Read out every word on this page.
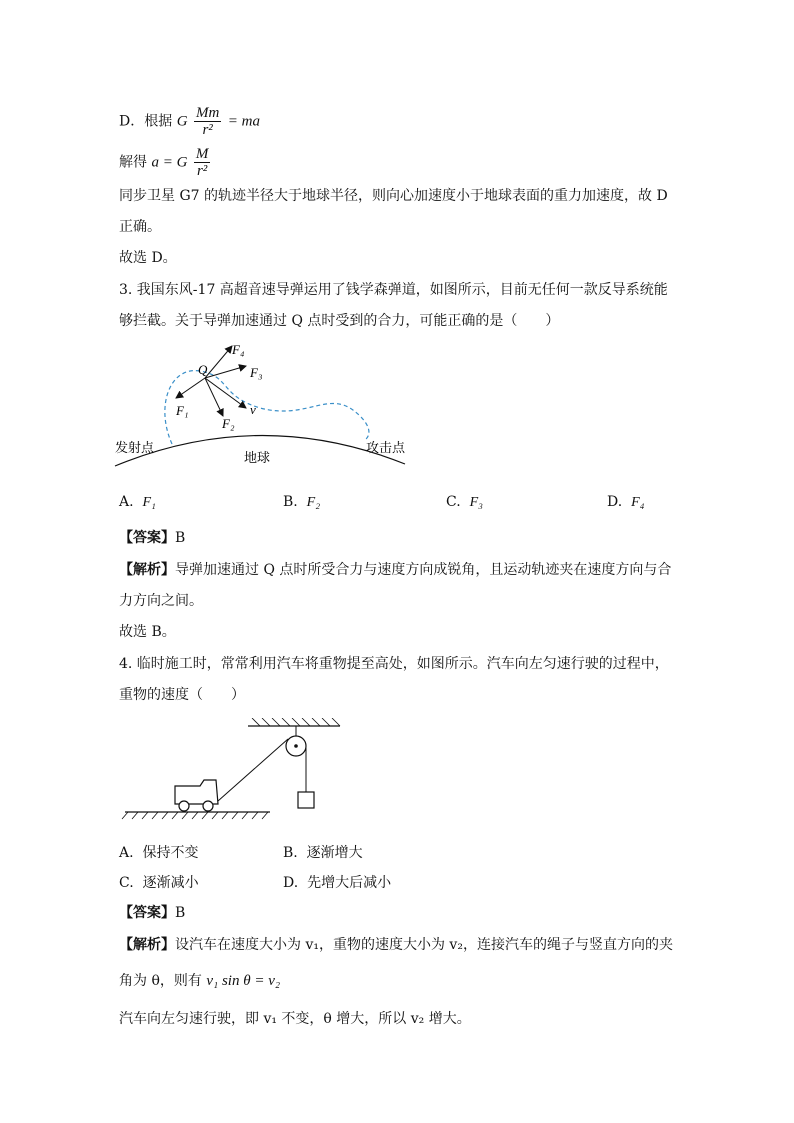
D．根据 G $\frac{Mm}{\text{r²}}$ = ma
解得 a = G $\frac{M}{\text{r²}}$
同步卫星 G7 的轨迹半径大于地球半径，则向心加速度小于地球表面的重力加速度，故 D
正确。
故选 D。
3. 我国东风-17 高超音速导弹运用了钱学森弹道，如图所示，目前无任何一款反导系统能
够拦截。关于导弹加速通过 Q 点时受到的合力，可能正确的是（　　）
F₄
Q	F₃
F₁	v
F₂
发射点	攻击点
地球
A. F₁	B. F₂	C. F₃	D. F₄
【答案】B
【解析】导弹加速通过 Q 点时所受合力与速度方向成锐角，且运动轨迹夹在速度方向与合
力方向之间。
故选 B。
4. 临时施工时，常常利用汽车将重物提至高处，如图所示。汽车向左匀速行驶的过程中，
重物的速度（　　）
A. 保持不变	B. 逐渐增大
C. 逐渐减小	D. 先增大后减小
【答案】B
【解析】设汽车在速度大小为 v₁，重物的速度大小为 v₂，连接汽车的绳子与竖直方向的夹
角为 θ，则有 v₁ sin θ = v₂
汽车向左匀速行驶，即 v₁ 不变，θ 增大，所以 v₂ 增大。
